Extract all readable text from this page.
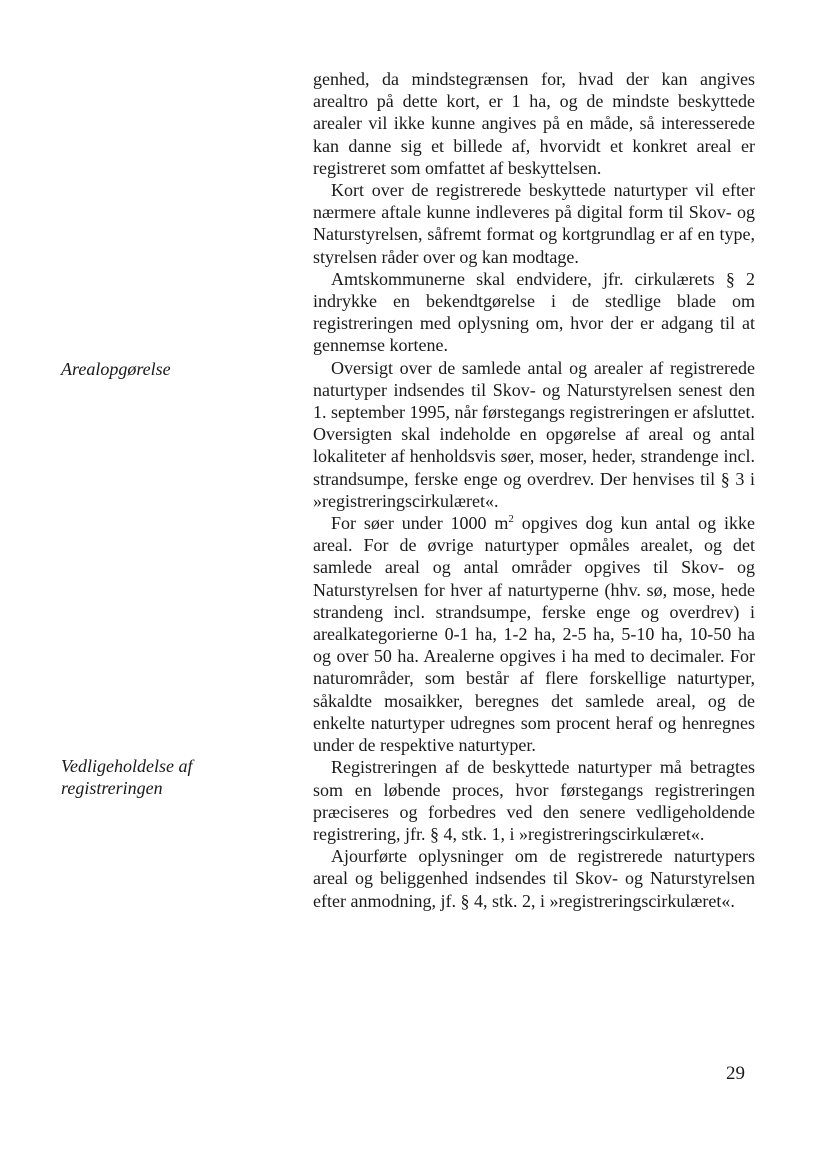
Arealopgørelse
Vedligeholdelse af
registreringen

genhed, da mindstegrænsen for, hvad der kan angives arealtro på dette kort, er 1 ha, og de mindste beskyttede arealer vil ikke kunne angives på en måde, så interesserede kan danne sig et billede af, hvorvidt et konkret areal er registreret som omfattet af beskyttelsen.

Kort over de registrerede beskyttede naturtyper vil efter nærmere aftale kunne indleveres på digital form til Skov- og Naturstyrelsen, såfremt format og kortgrundlag er af en type, styrelsen råder over og kan modtage.

Amtskommunerne skal endvidere, jfr. cirkulærets § 2 indrykke en bekendtgørelse i de stedlige blade om registreringen med oplysning om, hvor der er adgang til at gennemse kortene.

Oversigt over de samlede antal og arealer af registrerede naturtyper indsendes til Skov- og Naturstyrelsen senest den 1. september 1995, når førstegangs registreringen er afsluttet. Oversigten skal indeholde en opgørelse af areal og antal lokaliteter af henholdsvis søer, moser, heder, strandenge incl. strandsumpe, ferske enge og overdrev. Der henvises til § 3 i »registreringscirkulæret«.

For søer under 1000 $m^2$ opgives dog kun antal og ikke areal. For de øvrige naturtyper opmåles arealet, og det samlede areal og antal områder opgives til Skov- og Naturstyrelsen for hver af naturtyperne (hhv. sø, mose, hede strandeng incl. strandsumpe, ferske enge og overdrev) i arealkategorierne 0-1 ha, 1-2 ha, 2-5 ha, 5-10 ha, 10-50 ha og over 50 ha. Arealerne opgives i ha med to decimaler. For naturområder, som består af flere forskellige naturtyper, såkaldte mosaikker, beregnes det samlede areal, og de enkelte naturtyper udregnes som procent heraf og henregnes under de respektive naturtyper.

Registreringen af de beskyttede naturtyper må betragtes som en løbende proces, hvor førstegangs registreringen præciseres og forbedres ved den senere vedligeholdende registrering, jfr. § 4, stk. 1, i »registreringscirkulæret«.

Ajourførte oplysninger om de registrerede naturtypers areal og beliggenhed indsendes til Skov- og Naturstyrelsen efter anmodning, jf. § 4, stk. 2, i »registreringscirkulæret«.

29
